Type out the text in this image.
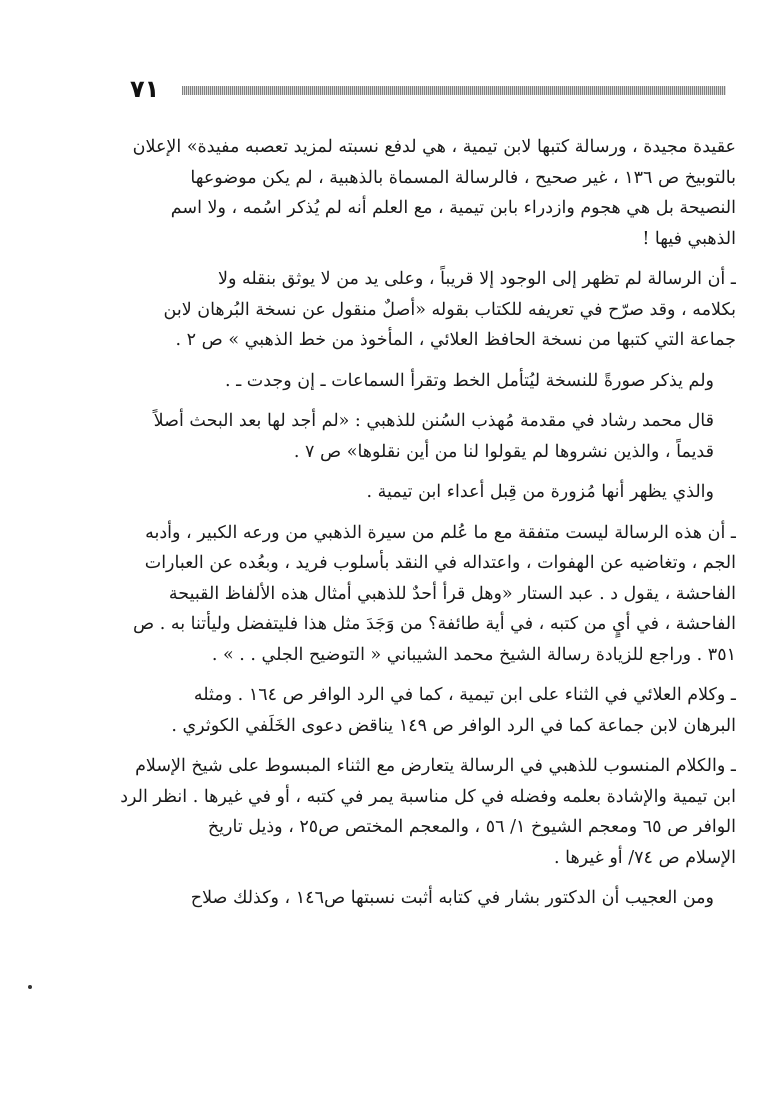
٧١
عقيدة مجيدة ، ورسالة كتبها لابن تيمية ، هي لدفع نسبته لمزيد تعصبه مفيدة» الإعلان
بالتوبيخ ص ١٣٦ ، غير صحيح ، فالرسالة المسماة بالذهبية ، لم يكن موضوعها
النصيحة بل هي هجوم وازدراء بابن تيمية ، مع العلم أنه لم يُذكر اسُمه ، ولا اسم
الذهبي فيها !
ـ أن الرسالة لم تظهر إلى الوجود إلا قريباً ، وعلى يد من لا يوثق بنقله ولا
بكلامه ، وقد صرّح في تعريفه للكتاب بقوله «أصلٌ منقول عن نسخة البُرهان لابن
جماعة التي كتبها من نسخة الحافظ العلائي ، المأخوذ من خط الذهبي » ص ٢ .
ولم يذكر صورةً للنسخة ليُتأمل الخط وتقرأ السماعات ـ إن وجدت ـ .
قال محمد رشاد في مقدمة مُهذب السُنن للذهبي : «لم أجد لها بعد البحث أصلاً
قديماً ، والذين نشروها لم يقولوا لنا من أين نقلوها» ص ٧ .
والذي يظهر أنها مُزورة من قِبل أعداء ابن تيمية .
ـ أن هذه الرسالة ليست متفقة مع ما عُلم من سيرة الذهبي من ورعه الكبير ، وأدبه
الجم ، وتغاضيه عن الهفوات ، واعتداله في النقد بأسلوب فريد ، وبعُده عن العبارات
الفاحشة ، يقول د . عبد الستار «وهل قرأ أحدٌ للذهبي أمثال هذه الألفاظ القبيحة
الفاحشة ، في أيٍ من كتبه ، في أية طائفة؟ من وَجَدَ مثل هذا فليتفضل وليأتنا به . ص
٣٥١ . وراجع للزيادة رسالة الشيخ محمد الشيباني « التوضيح الجلي . . » .
ـ وكلام العلائي في الثناء على ابن تيمية ، كما في الرد الوافر ص ١٦٤ . ومثله
البرهان لابن جماعة كما في الرد الوافر ص ١٤٩ يناقض دعوى الخَلَفي الكوثري .
ـ والكلام المنسوب للذهبي في الرسالة يتعارض مع الثناء المبسوط على شيخ الإسلام
ابن تيمية والإشادة بعلمه وفضله في كل مناسبة يمر في كتبه ، أو في غيرها . انظر الرد
الوافر ص ٦٥ ومعجم الشيوخ ١/ ٥٦ ، والمعجم المختص ص٢٥ ، وذيل تاريخ
الإسلام ص ٧٤/ أو غيرها .
ومن العجيب أن الدكتور بشار في كتابه أثبت نسبتها ص١٤٦ ، وكذلك صلاح
